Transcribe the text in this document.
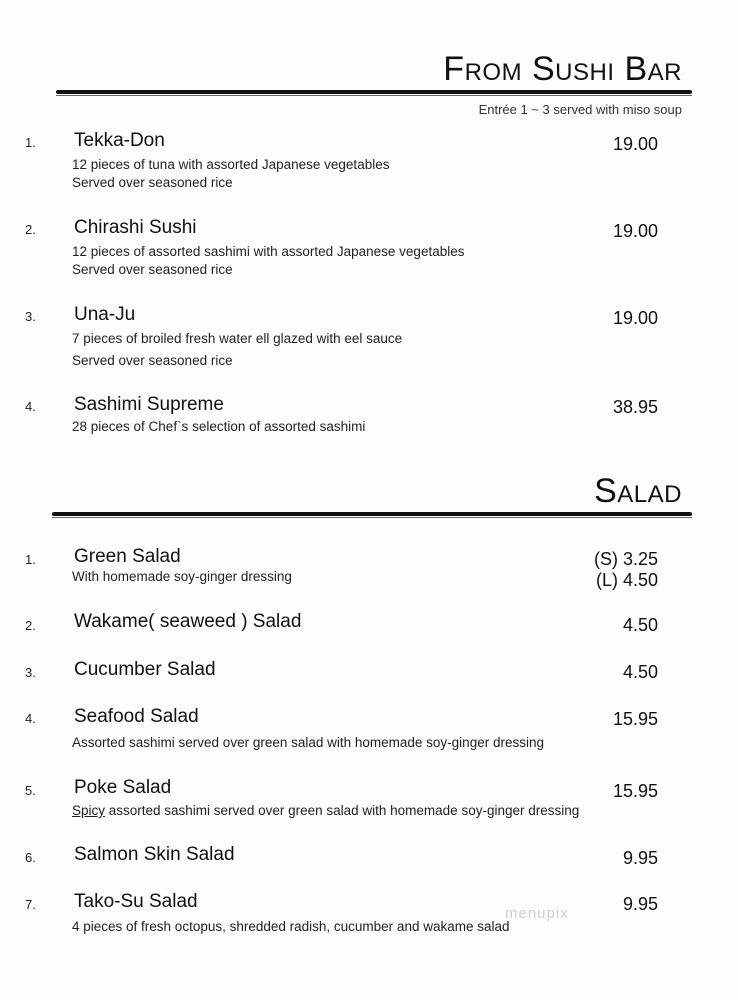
From Sushi Bar
Entrée 1 ~ 3 served with miso soup
1. Tekka-Don
12 pieces of tuna with assorted Japanese vegetables
Served over seasoned rice
19.00
2. Chirashi Sushi
12 pieces of assorted sashimi with assorted Japanese vegetables
Served over seasoned rice
19.00
3. Una-Ju
7 pieces of broiled fresh water ell glazed with eel sauce
Served over seasoned rice
19.00
4. Sashimi Supreme
28 pieces of Chef`s selection of assorted sashimi
38.95
Salad
1. Green Salad
With homemade soy-ginger dressing
(S) 3.25
(L) 4.50
2. Wakame( seaweed ) Salad	4.50
3. Cucumber Salad	4.50
4. Seafood Salad
Assorted sashimi served over green salad with homemade soy-ginger dressing
15.95
5. Poke Salad
Spicy assorted sashimi served over green salad with homemade soy-ginger dressing
15.95
6. Salmon Skin Salad	9.95
7. Tako-Su Salad
4 pieces of fresh octopus, shredded radish, cucumber and wakame salad
9.95
menupix
